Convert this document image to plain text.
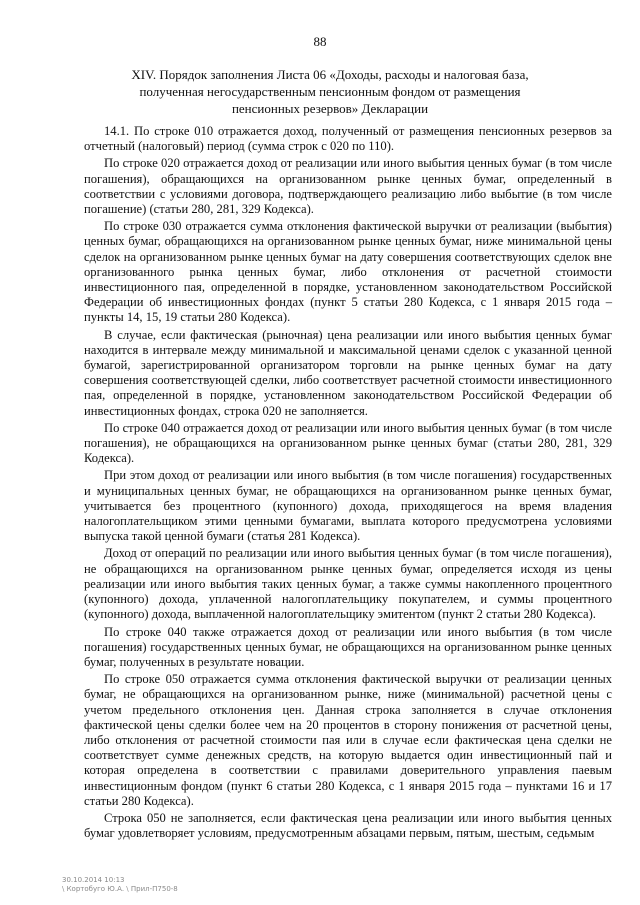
88
XIV. Порядок заполнения Листа 06 «Доходы, расходы и налоговая база, полученная негосударственным пенсионным фондом от размещения пенсионных резервов» Декларации

14.1. По строке 010 отражается доход, полученный от размещения пенсионных резервов за отчетный (налоговый) период (сумма строк с 020 по 110).

По строке 020 отражается доход от реализации или иного выбытия ценных бумаг (в том числе погашения), обращающихся на организованном рынке ценных бумаг, определенный в соответствии с условиями договора, подтверждающего реализацию либо выбытие (в том числе погашение) (статьи 280, 281, 329 Кодекса).

По строке 030 отражается сумма отклонения фактической выручки от реализации (выбытия) ценных бумаг, обращающихся на организованном рынке ценных бумаг, ниже минимальной цены сделок на организованном рынке ценных бумаг на дату совершения соответствующих сделок вне организованного рынка ценных бумаг, либо отклонения от расчетной стоимости инвестиционного пая, определенной в порядке, установленном законодательством Российской Федерации об инвестиционных фондах (пункт 5 статьи 280 Кодекса, с 1 января 2015 года – пункты 14, 15, 19 статьи 280 Кодекса).

В случае, если фактическая (рыночная) цена реализации или иного выбытия ценных бумаг находится в интервале между минимальной и максимальной ценами сделок с указанной ценной бумагой, зарегистрированной организатором торговли на рынке ценных бумаг на дату совершения соответствующей сделки, либо соответствует расчетной стоимости инвестиционного пая, определенной в порядке, установленном законодательством Российской Федерации об инвестиционных фондах, строка 020 не заполняется.

По строке 040 отражается доход от реализации или иного выбытия ценных бумаг (в том числе погашения), не обращающихся на организованном рынке ценных бумаг (статьи 280, 281, 329 Кодекса).

При этом доход от реализации или иного выбытия (в том числе погашения) государственных и муниципальных ценных бумаг, не обращающихся на организованном рынке ценных бумаг, учитывается без процентного (купонного) дохода, приходящегося на время владения налогоплательщиком этими ценными бумагами, выплата которого предусмотрена условиями выпуска такой ценной бумаги (статья 281 Кодекса).

Доход от операций по реализации или иного выбытия ценных бумаг (в том числе погашения), не обращающихся на организованном рынке ценных бумаг, определяется исходя из цены реализации или иного выбытия таких ценных бумаг, а также суммы накопленного процентного (купонного) дохода, уплаченной налогоплательщику покупателем, и суммы процентного (купонного) дохода, выплаченной налогоплательщику эмитентом (пункт 2 статьи 280 Кодекса).

По строке 040 также отражается доход от реализации или иного выбытия (в том числе погашения) государственных ценных бумаг, не обращающихся на организованном рынке ценных бумаг, полученных в результате новации.

По строке 050 отражается сумма отклонения фактической выручки от реализации ценных бумаг, не обращающихся на организованном рынке, ниже (минимальной) расчетной цены с учетом предельного отклонения цен. Данная строка заполняется в случае отклонения фактической цены сделки более чем на 20 процентов в сторону понижения от расчетной цены, либо отклонения от расчетной стоимости пая или в случае если фактическая цена сделки не соответствует сумме денежных средств, на которую выдается один инвестиционный пай и которая определена в соответствии с правилами доверительного управления паевым инвестиционным фондом (пункт 6 статьи 280 Кодекса, с 1 января 2015 года – пунктами 16 и 17 статьи 280 Кодекса).

Строка 050 не заполняется, если фактическая цена реализации или иного выбытия ценных бумаг удовлетворяет условиям, предусмотренным абзацами первым, пятым, шестым, седьмым

30.10.2014 10:13
\ Кортобуго Ю.А. \ Прил-П750-8
